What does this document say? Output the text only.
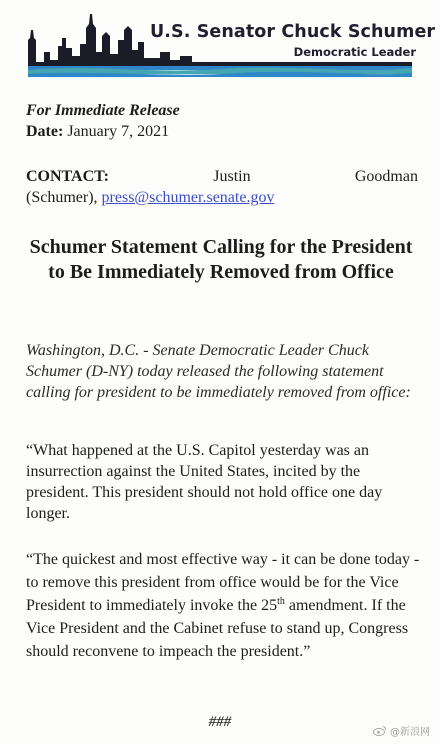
U.S. Senator Chuck Schumer
Democratic Leader
For Immediate Release
Date: January 7, 2021
CONTACT:	Justin	Goodman
(Schumer), press@schumer.senate.gov
Schumer Statement Calling for the President to Be Immediately Removed from Office
Washington, D.C. - Senate Democratic Leader Chuck Schumer (D-NY) today released the following statement calling for president to be immediately removed from office:
“What happened at the U.S. Capitol yesterday was an insurrection against the United States, incited by the president. This president should not hold office one day longer.
“The quickest and most effective way - it can be done today - to remove this president from office would be for the Vice President to immediately invoke the 25th amendment. If the Vice President and the Cabinet refuse to stand up, Congress should reconvene to impeach the president.”
###
@新浪网
